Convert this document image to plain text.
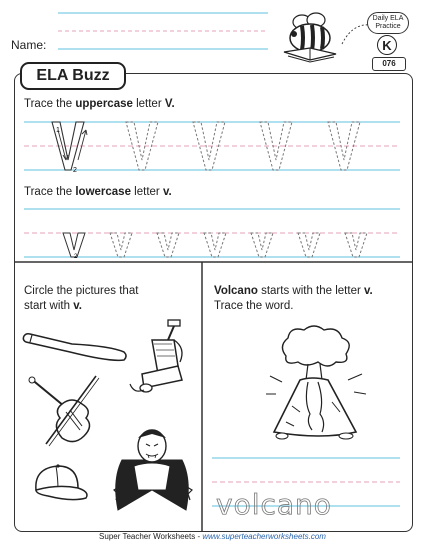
Name:
Daily ELA Practice
K
076
ELA Buzz
Trace the uppercase letter V.
1
2
Trace the lowercase letter v.
2
Circle the pictures that
start with v.
Volcano starts with the letter v.
Trace the word.
volcano
Super Teacher Worksheets - www.superteacherworksheets.com
